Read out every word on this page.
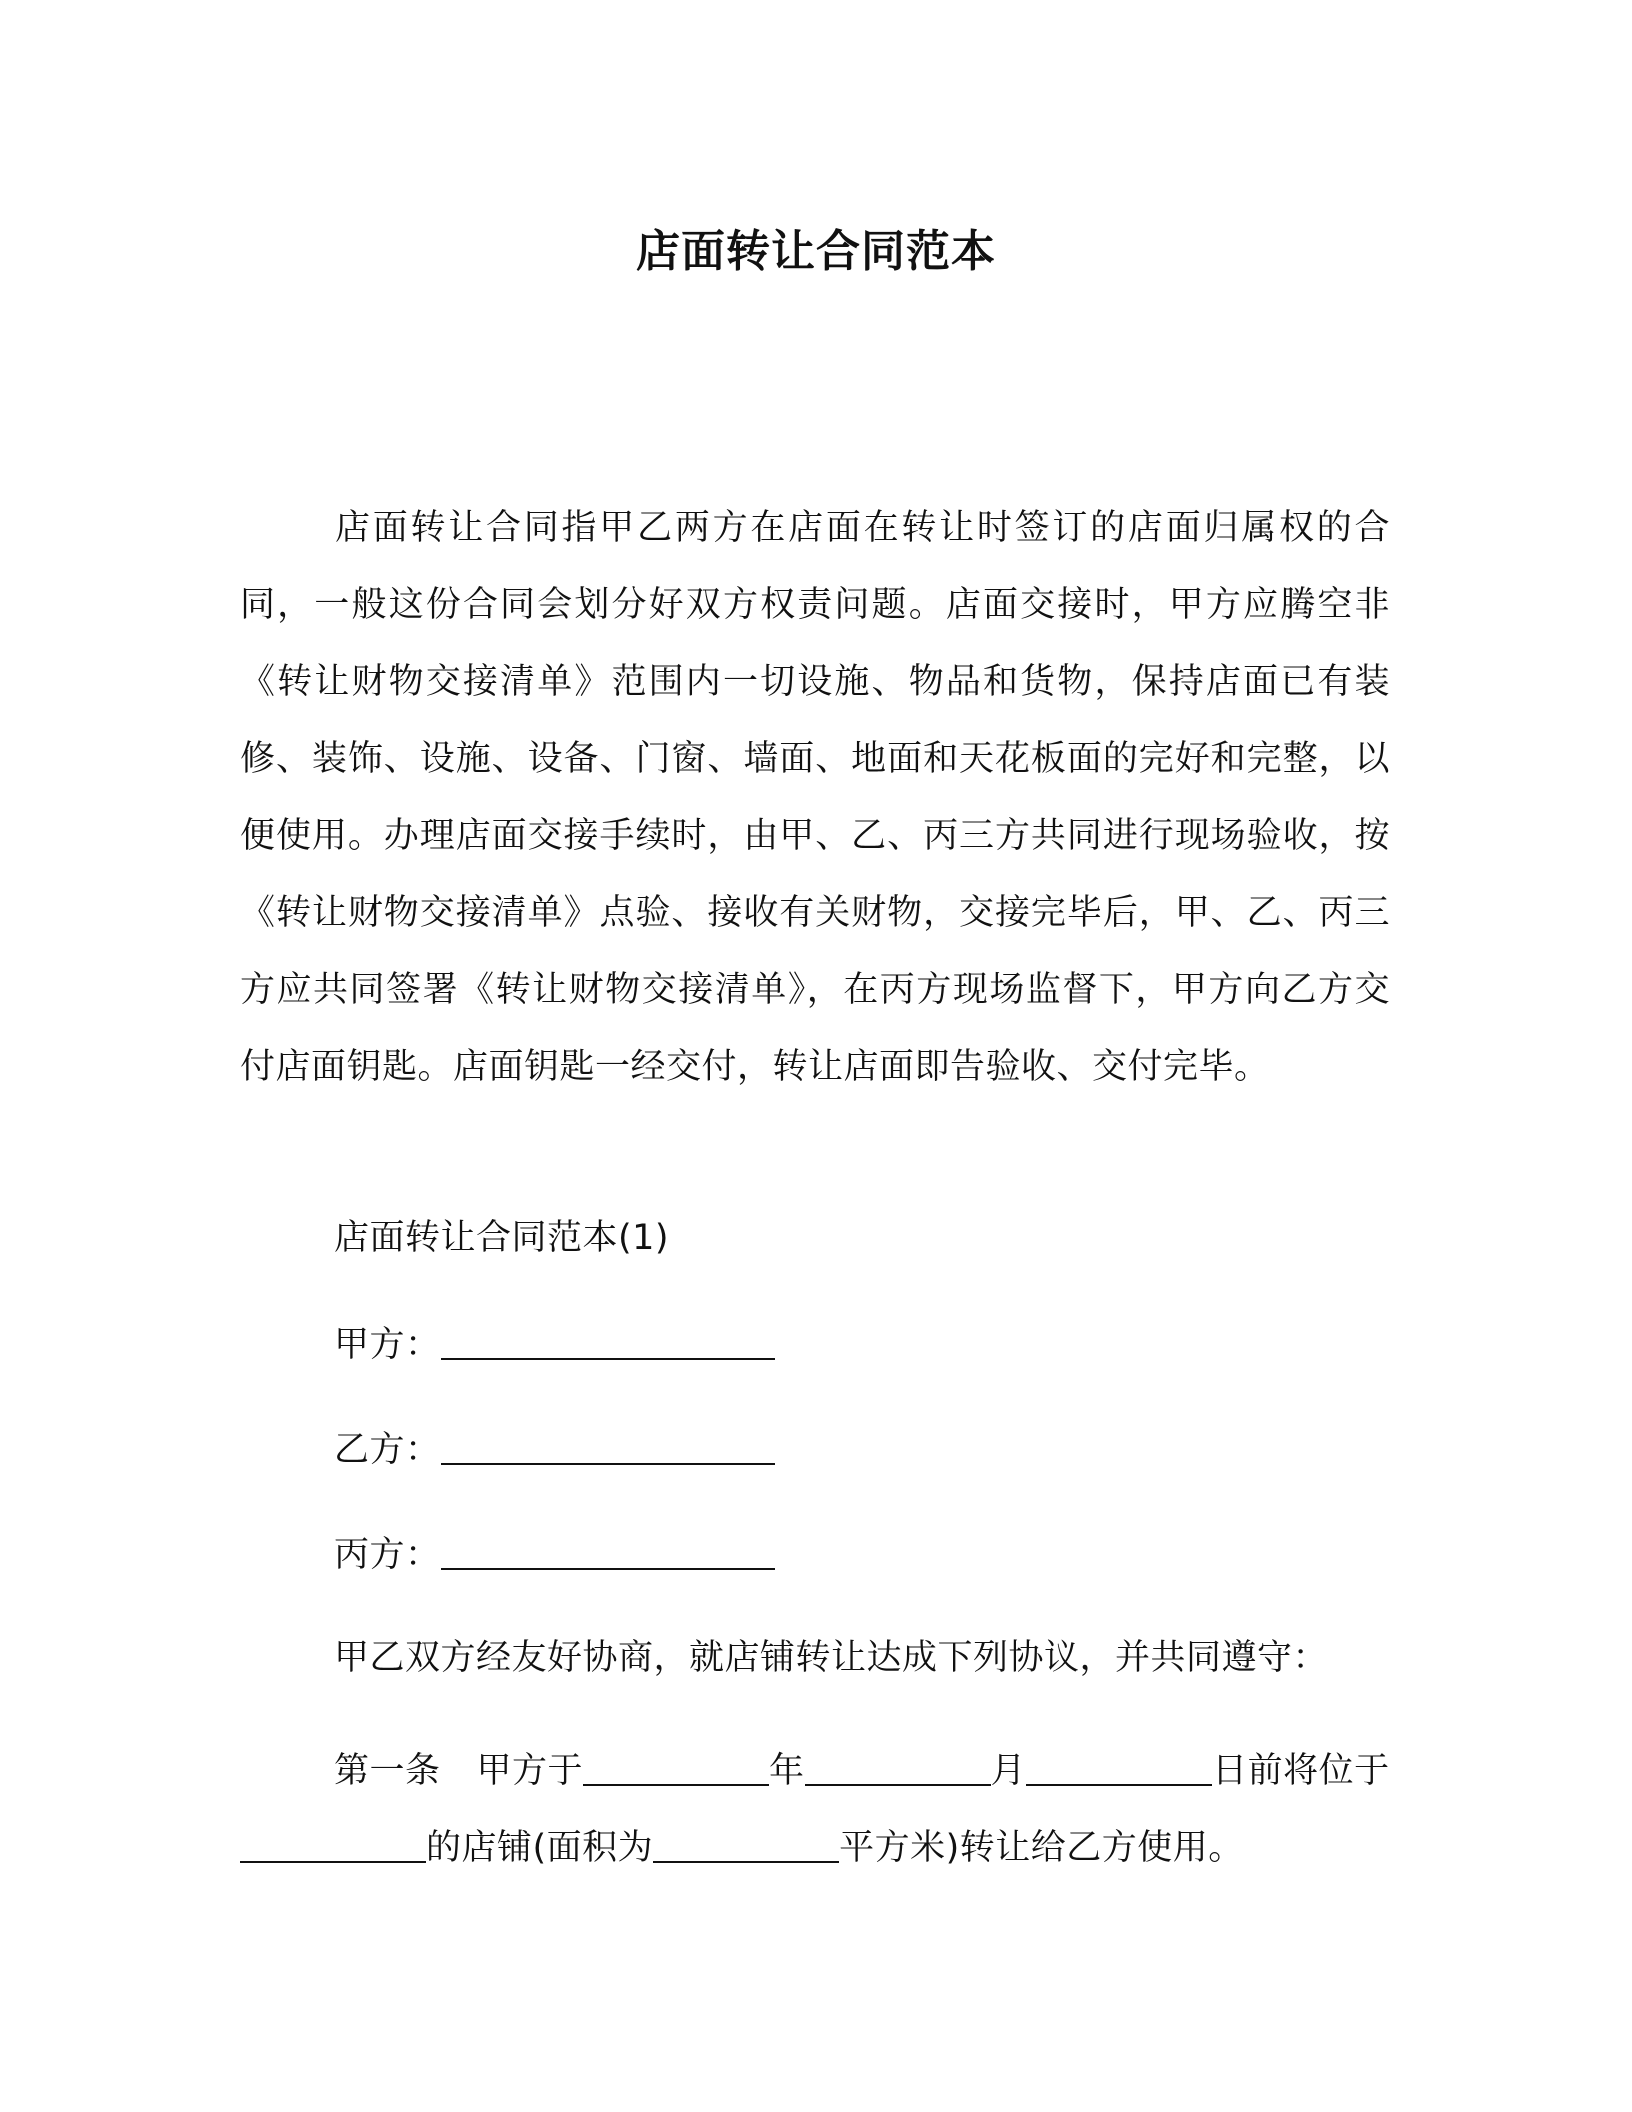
店面转让合同范本

店面转让合同指甲乙两方在店面在转让时签订的店面归属权的合同，一般这份合同会划分好双方权责问题。店面交接时，甲方应腾空非《转让财物交接清单》范围内一切设施、物品和货物，保持店面已有装修、装饰、设施、设备、门窗、墙面、地面和天花板面的完好和完整，以便使用。办理店面交接手续时，由甲、乙、丙三方共同进行现场验收，按《转让财物交接清单》点验、接收有关财物，交接完毕后，甲、乙、丙三方应共同签署《转让财物交接清单》，在丙方现场监督下，甲方向乙方交付店面钥匙。店面钥匙一经交付，转让店面即告验收、交付完毕。

店面转让合同范本(1)

甲方：

乙方：

丙方：

甲乙双方经友好协商，就店铺转让达成下列协议，并共同遵守：

第一条 甲方于	年	月	日前将位于的店铺(面积为	平方米)转让给乙方使用。
